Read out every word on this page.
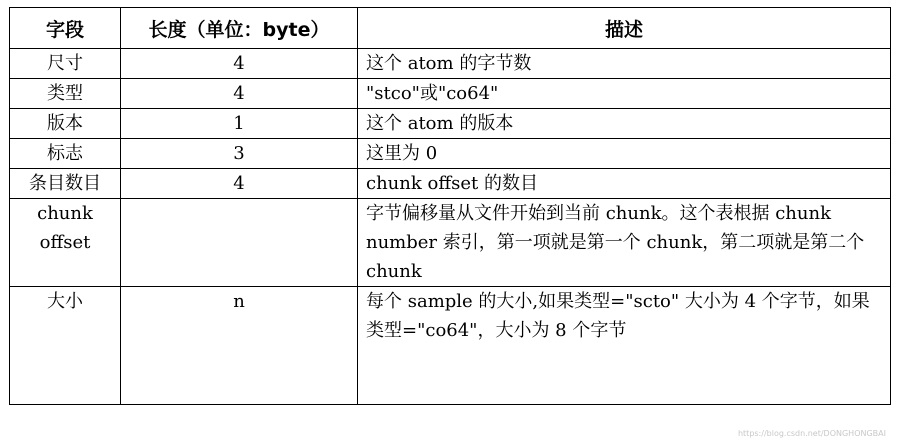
字段	长度（单位：byte）	描述
尺寸	4	这个 atom 的字节数
类型	4	"stco"或"co64"
版本	1	这个 atom 的版本
标志	3	这里为 0
条目数目	4	chunk offset 的数目
chunk offset		字节偏移量从文件开始到当前 chunk。这个表根据 chunk number 索引，第一项就是第一个 chunk，第二项就是第二个 chunk
大小	n	每个 sample 的大小,如果类型="scto" 大小为 4 个字节，如果类型="co64"，大小为 8 个字节
https://blog.csdn.net/DONGHONGBAI
